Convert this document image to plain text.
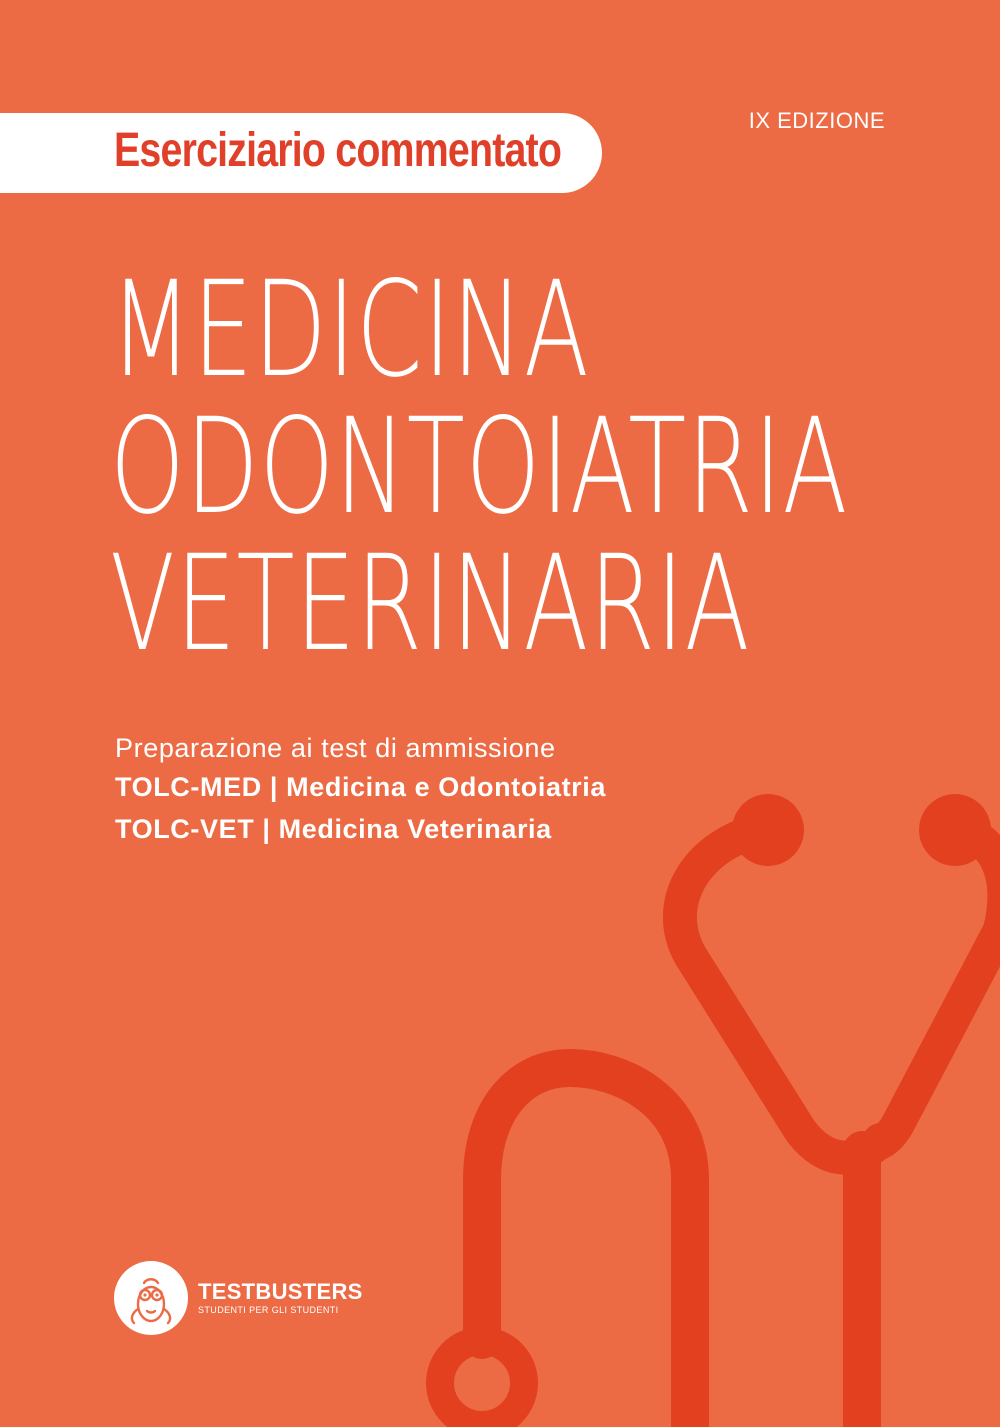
IX EDIZIONE
Eserciziario commentato
MEDICINA
ODONTOIATRIA
VETERINARIA
Preparazione ai test di ammissione
TOLC-MED | Medicina e Odontoiatria
TOLC-VET | Medicina Veterinaria
TESTBUSTERS
STUDENTI PER GLI STUDENTI
